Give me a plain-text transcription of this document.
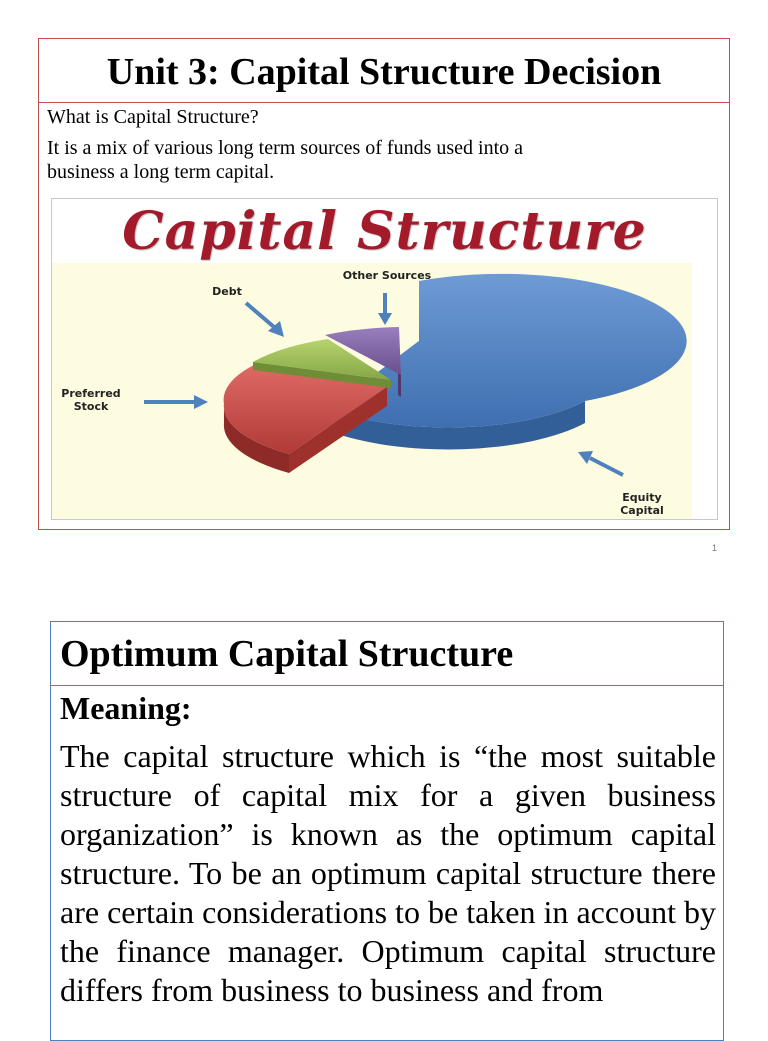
Unit 3: Capital Structure Decision
What is Capital Structure?
It is a mix of various long term sources of funds used into a
business a long term capital.
Capital Structure
Other Sources
Debt
Preferred
Stock
Equity
Capital
1
Optimum Capital Structure
Meaning:
The capital structure which is “the most suitable structure of capital mix for a given business organization” is known as the optimum capital structure. To be an optimum capital structure there are certain considerations to be taken in account by the finance manager. Optimum capital structure differs from business to business and from
